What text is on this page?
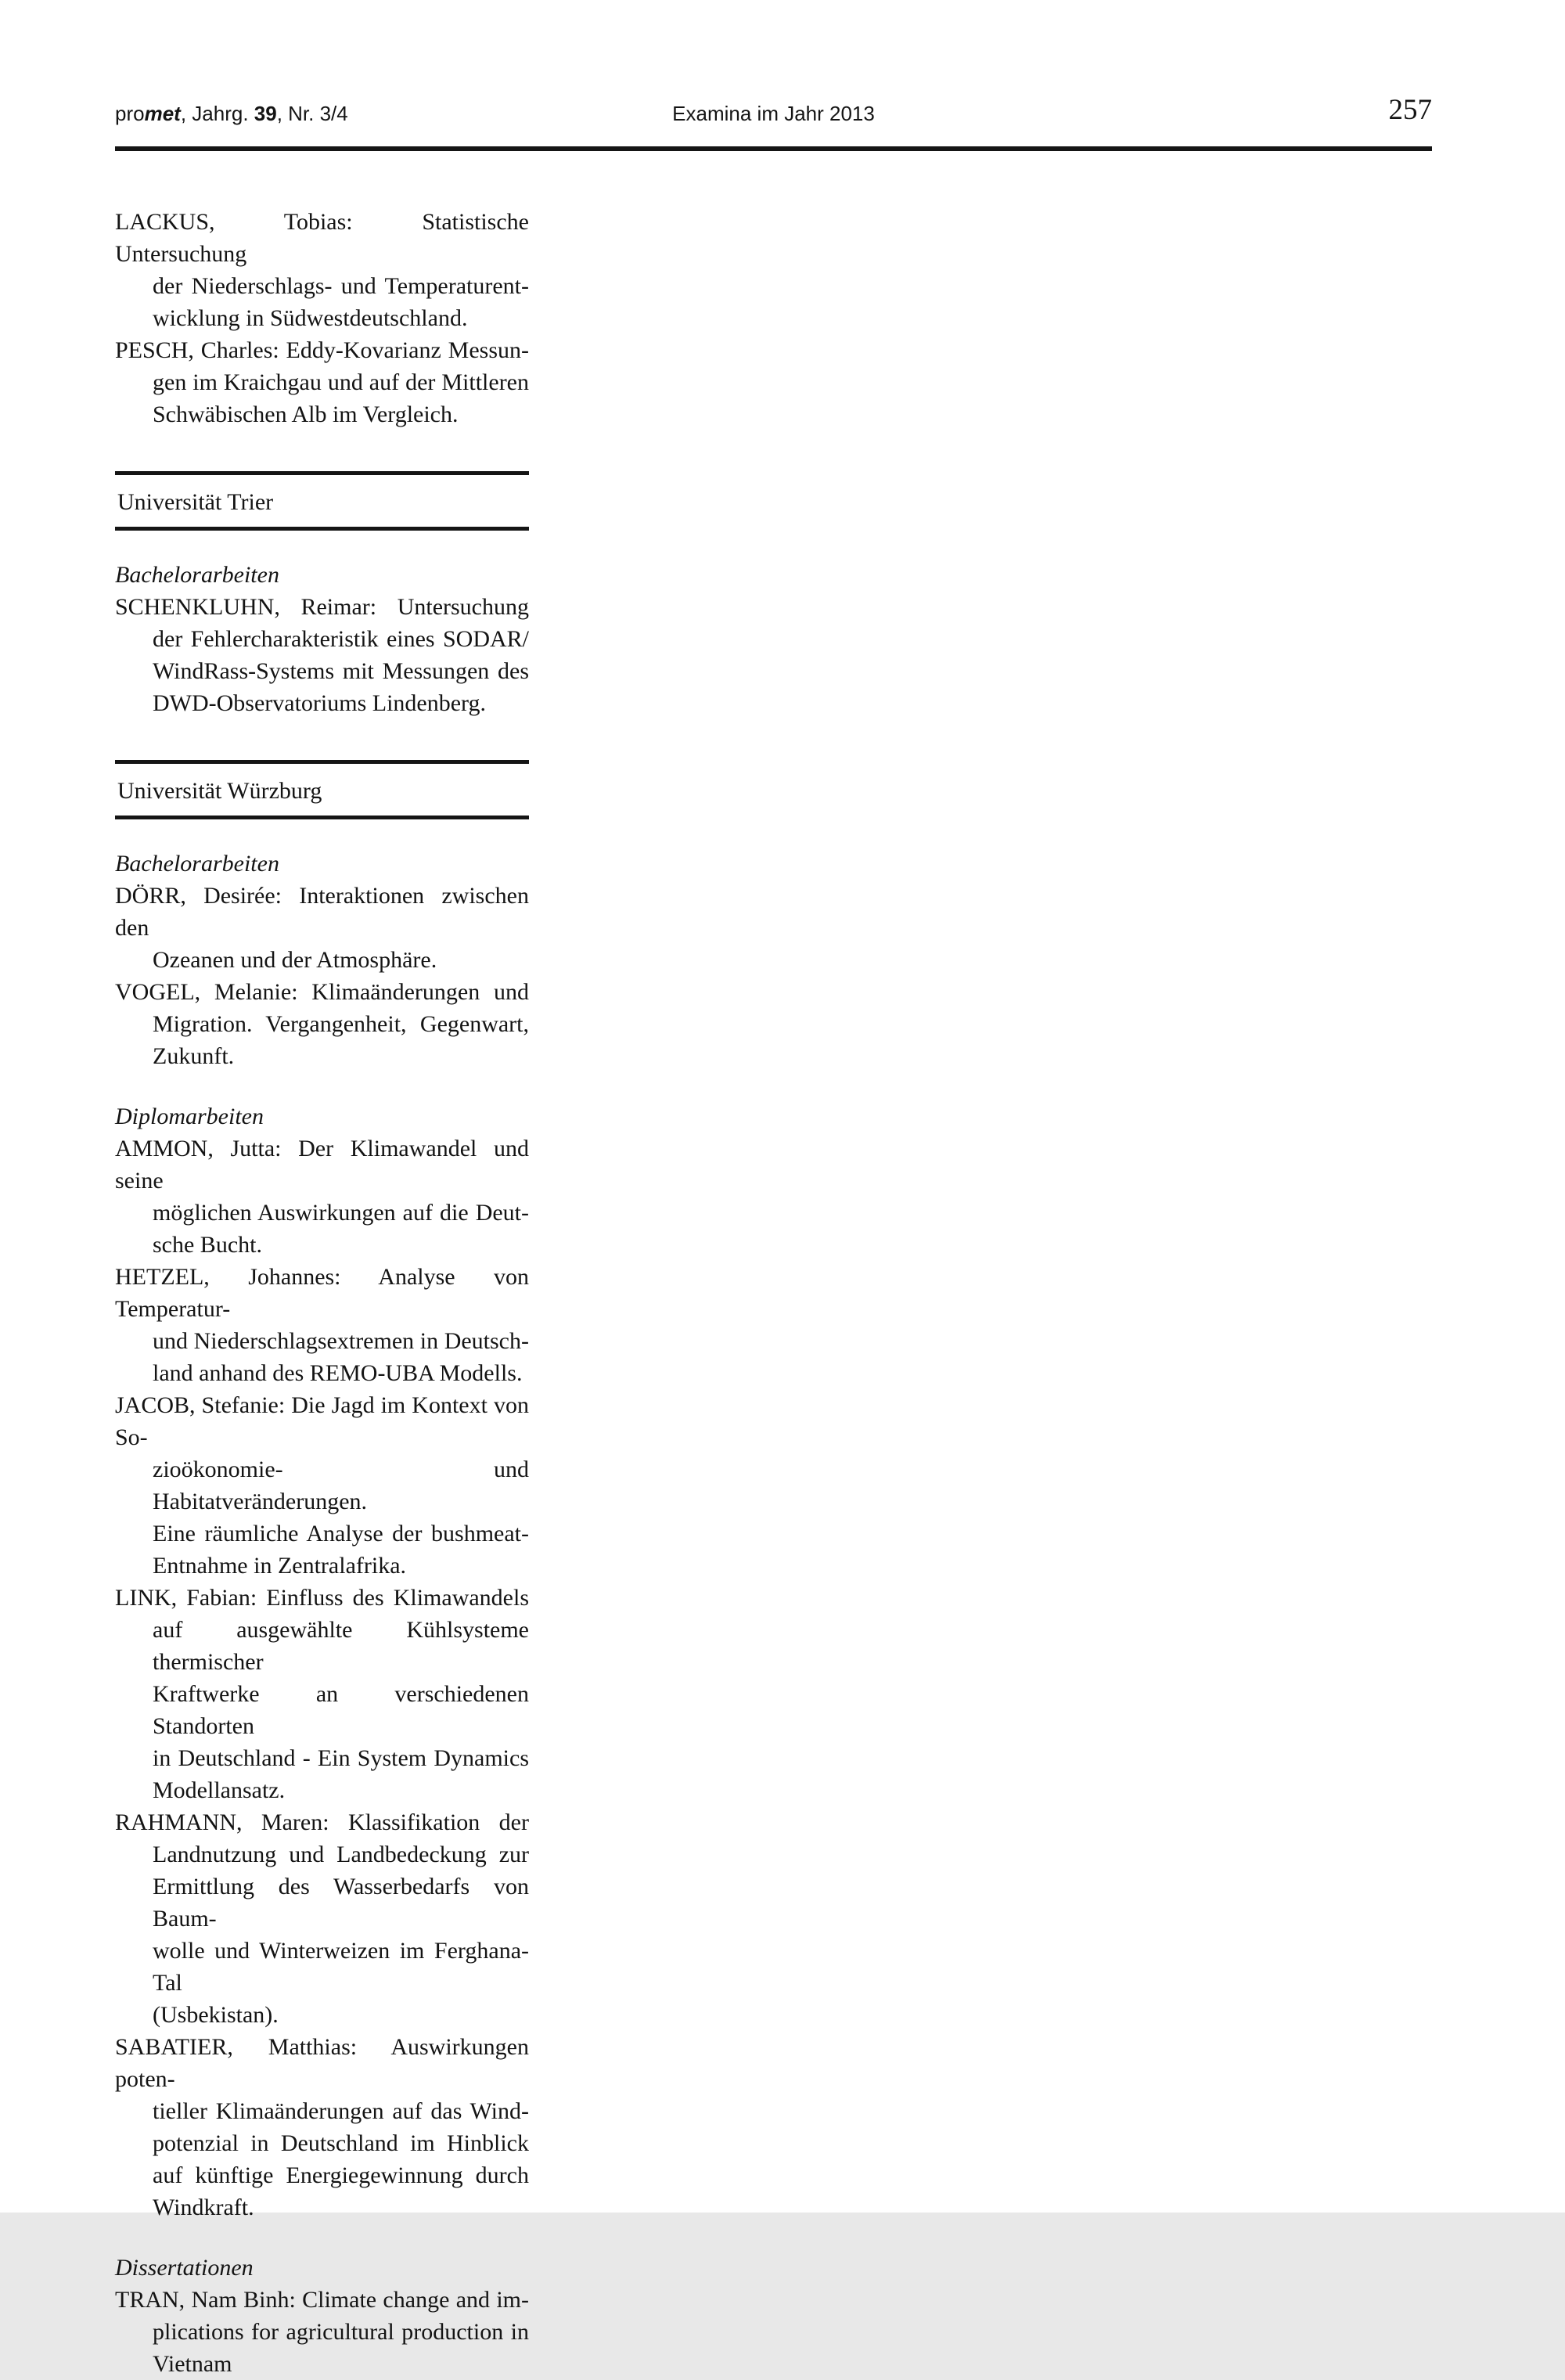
promet, Jahrg. 39, Nr. 3/4	Examina im Jahr 2013	257
LACKUS, Tobias: Statistische Untersuchung
der Niederschlags- und Temperaturent-
wicklung in Südwestdeutschland.
PESCH, Charles: Eddy-Kovarianz Messun-
gen im Kraichgau und auf der Mittleren
Schwäbischen Alb im Vergleich.
Universität Trier
Bachelorarbeiten
SCHENKLUHN, Reimar: Untersuchung
der Fehlercharakteristik eines SODAR/
WindRass-Systems mit Messungen des
DWD-Observatoriums Lindenberg.
Universität Würzburg
Bachelorarbeiten
DÖRR, Desirée: Interaktionen zwischen den
Ozeanen und der Atmosphäre.
VOGEL, Melanie: Klimaänderungen und
Migration. Vergangenheit, Gegenwart,
Zukunft.
Diplomarbeiten
AMMON, Jutta: Der Klimawandel und seine
möglichen Auswirkungen auf die Deut-
sche Bucht.
HETZEL, Johannes: Analyse von Temperatur-
und Niederschlagsextremen in Deutsch-
land anhand des REMO-UBA Modells.
JACOB, Stefanie: Die Jagd im Kontext von So-
zioökonomie- und Habitatveränderungen.
Eine räumliche Analyse der bushmeat-
Entnahme in Zentralafrika.
LINK, Fabian: Einfluss des Klimawandels
auf ausgewählte Kühlsysteme thermischer
Kraftwerke an verschiedenen Standorten
in Deutschland - Ein System Dynamics
Modellansatz.
RAHMANN, Maren: Klassifikation der
Landnutzung und Landbedeckung zur
Ermittlung des Wasserbedarfs von Baum-
wolle und Winterweizen im Ferghana-Tal
(Usbekistan).
SABATIER, Matthias: Auswirkungen poten-
tieller Klimaänderungen auf das Wind-
potenzial in Deutschland im Hinblick
auf künftige Energiegewinnung durch
Windkraft.
Dissertationen
TRAN, Nam Binh: Climate change and im-
plications for agricultural production in
Vietnam
